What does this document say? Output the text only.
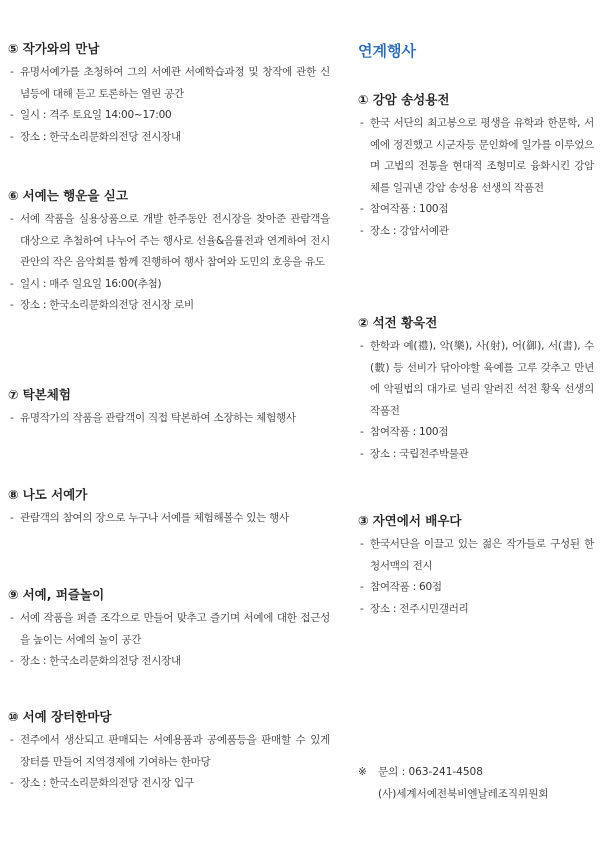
⑤ 작가와의 만남
- 유명서예가를 초청하여 그의 서예관 서예학습과정 및 창작에 관한 신념등에 대해 듣고 토론하는 열린 공간
- 일시 : 격주 토요일 14:00~17:00
- 장소 : 한국소리문화의전당 전시장내
⑥ 서예는 행운을 싣고
- 서예 작품을 실용상품으로 개발 한주동안 전시장을 찾아준 관람객을 대상으로 추첨하여 나누어 주는 행사로 선율&음률전과 연계하여 전시관안의 작은 음악회를 함께 진행하여 행사 참여와 도민의 호응을 유도
- 일시 : 매주 일요일 16:00(추첨)
- 장소 : 한국소리문화의전당 전시장 로비
⑦ 탁본체험
- 유명작가의 작품을 관람객이 직접 탁본하여 소장하는 체험행사
⑧ 나도 서예가
- 관람객의 참여의 장으로 누구나 서예를 체험해볼수 있는 행사
⑨ 서예, 퍼즐놀이
- 서예 작품을 퍼즐 조각으로 만들어 맞추고 즐기며 서예에 대한 접근성을 높이는 서예의 놀이 공간
- 장소 : 한국소리문화의전당 전시장내
⑩ 서예 장터한마당
- 전주에서 생산되고 판매되는 서예용품과 공예품등을 판매할 수 있게 장터를 만들어 지역경제에 기여하는 한마당
- 장소 : 한국소리문화의전당 전시장 입구
연계행사
① 강암 송성용전
- 한국 서단의 최고봉으로 평생을 유학과 한문학, 서예에 정진했고 시군자등 문인화에 일가를 이루었으며 고법의 전통을 현대적 조형미로 융화시킨 강암체를 일궈낸 강암 송성용 선생의 작품전
- 참여작품 : 100점
- 장소 : 강암서예관
② 석전 황욱전
- 한학과 예(禮), 악(樂), 사(射), 어(御), 서(書), 수(數) 등 선비가 닦아야할 육예를 고루 갖추고 만년에 악필법의 대가로 널리 알려진 석전 황욱 선생의 작품전
- 참여작품 : 100점
- 장소 : 국립전주박물관
③ 자연에서 배우다
- 한국서단을 이끌고 있는 젊은 작가들로 구성된 한청서맥의 전시
- 참여작품 : 60점
- 장소 : 전주시민갤러리
※	문의 : 063-241-4508
(사)세계서예전북비엔날레조직위원회
